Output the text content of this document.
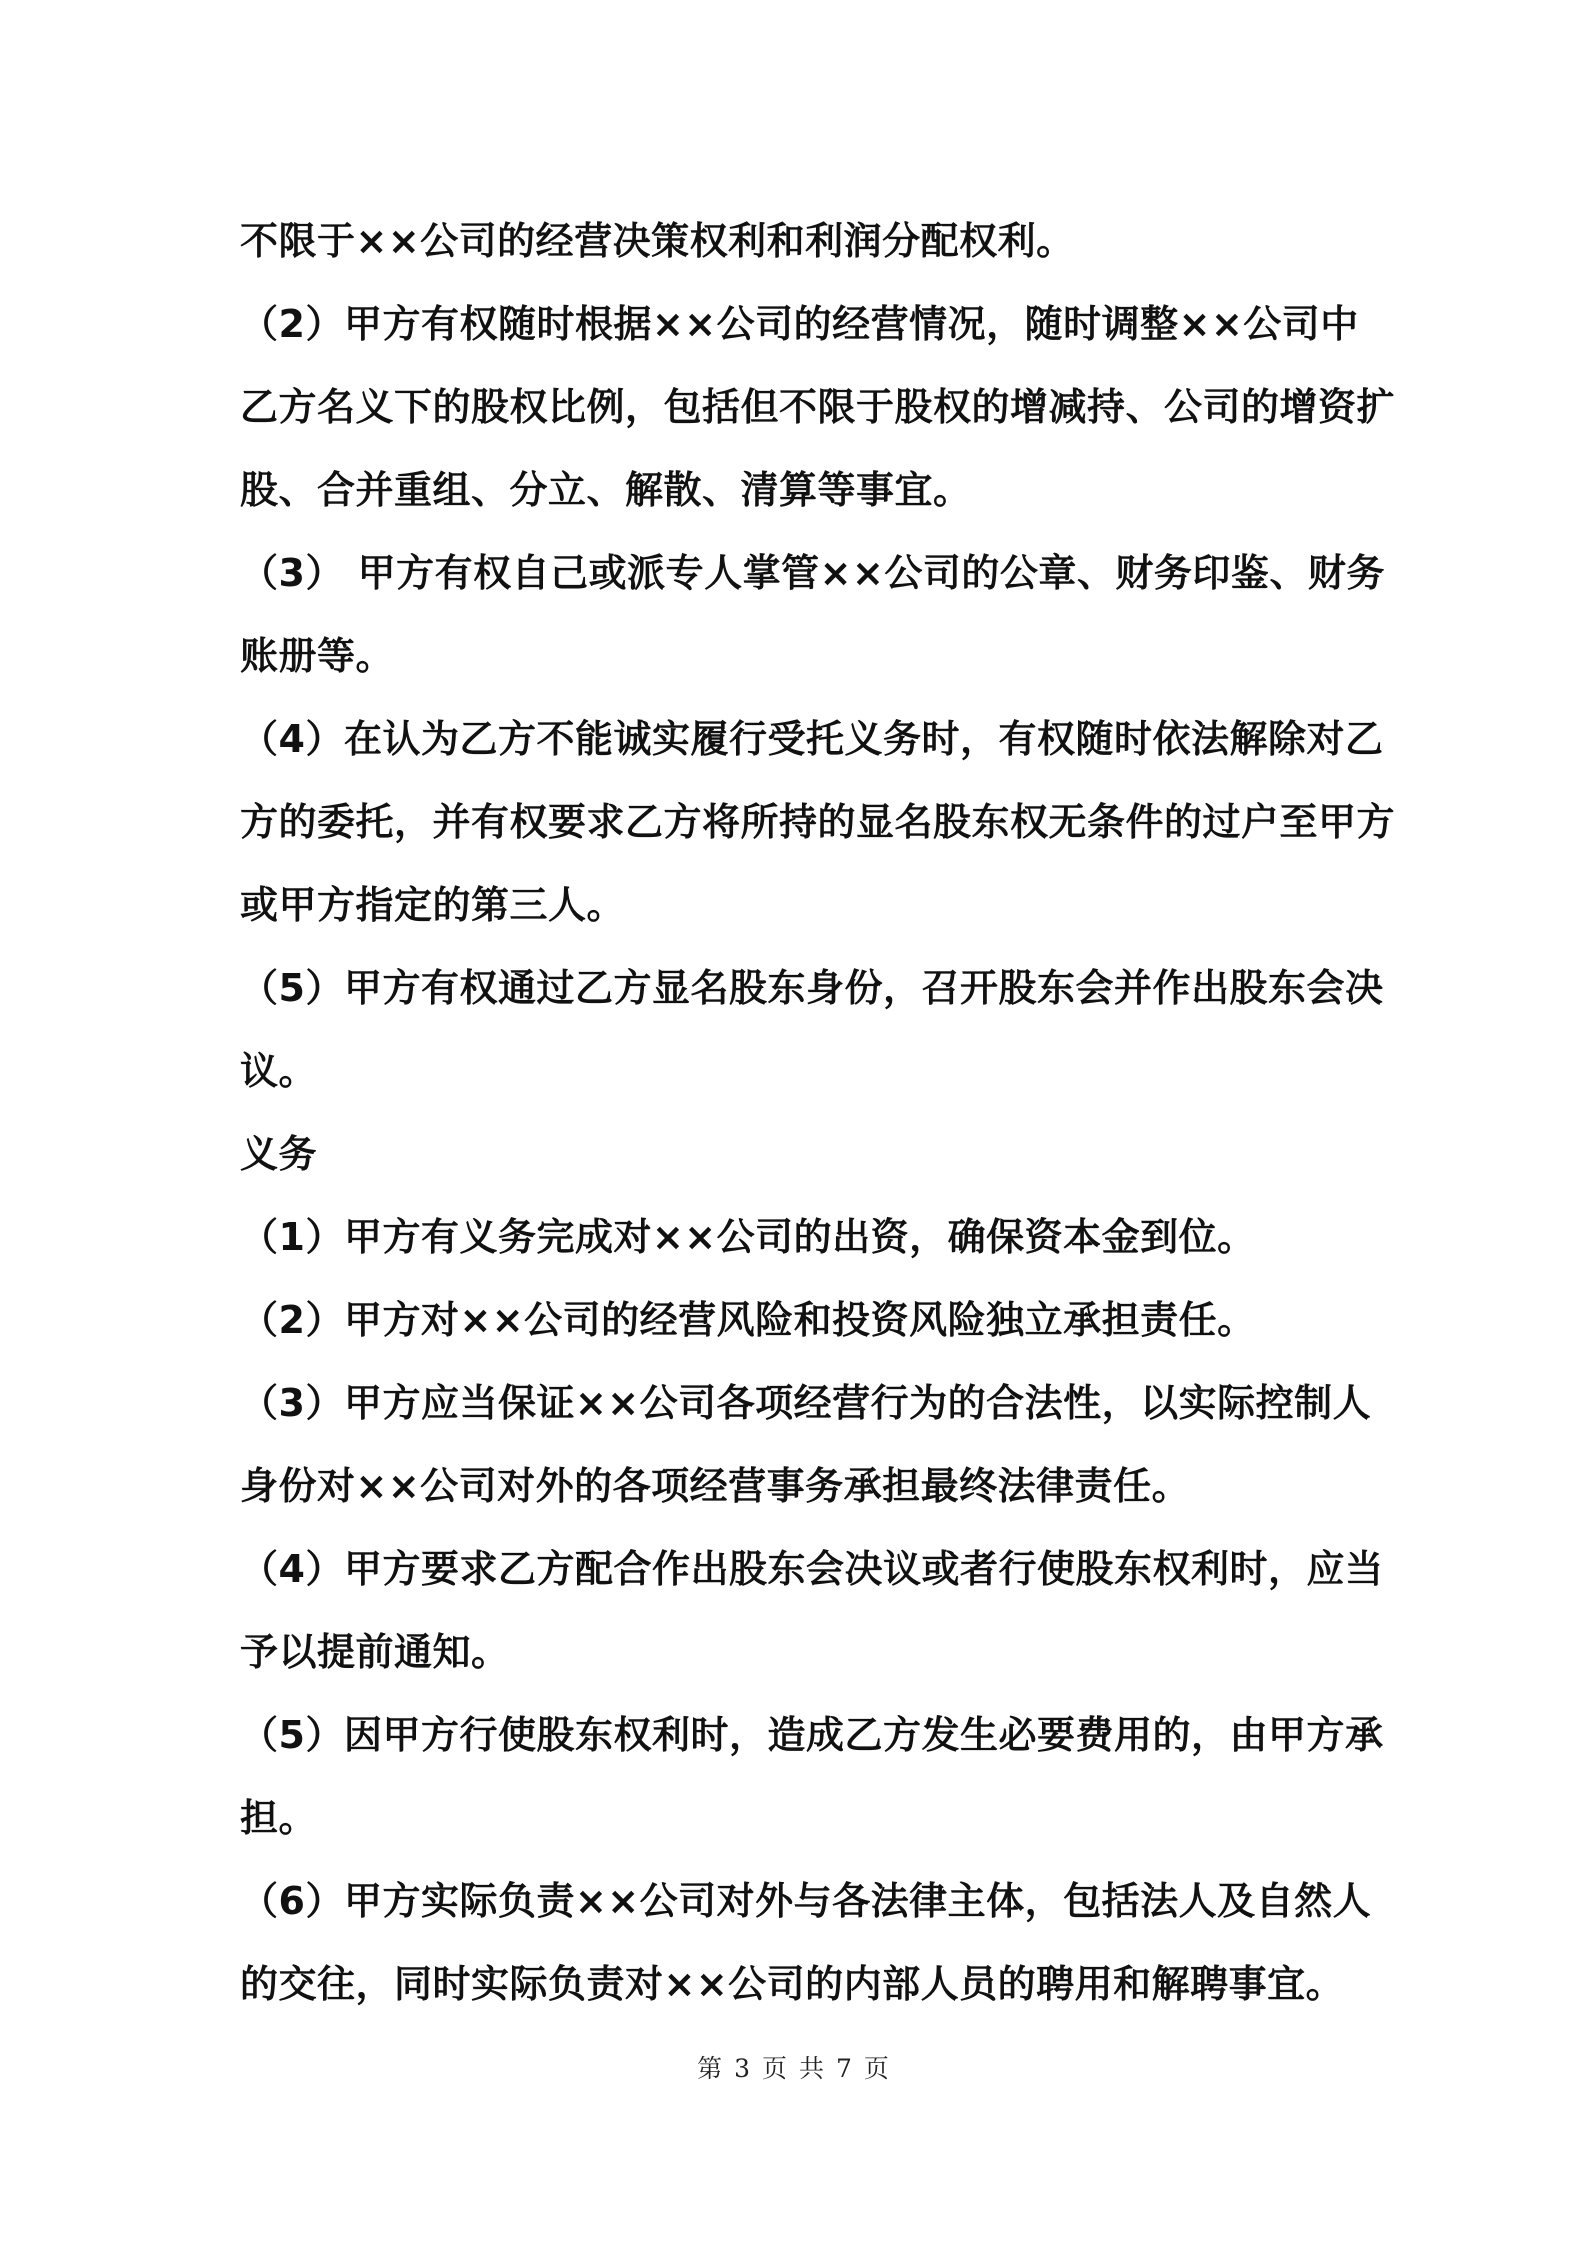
不限于××公司的经营决策权利和利润分配权利。
（2）甲方有权随时根据××公司的经营情况，随时调整××公司中
乙方名义下的股权比例，包括但不限于股权的增减持、公司的增资扩
股、合并重组、分立、解散、清算等事宜。
（3） 甲方有权自己或派专人掌管××公司的公章、财务印鉴、财务
账册等。
（4）在认为乙方不能诚实履行受托义务时，有权随时依法解除对乙
方的委托，并有权要求乙方将所持的显名股东权无条件的过户至甲方
或甲方指定的第三人。
（5）甲方有权通过乙方显名股东身份，召开股东会并作出股东会决
议。
义务
（1）甲方有义务完成对××公司的出资，确保资本金到位。
（2）甲方对××公司的经营风险和投资风险独立承担责任。
（3）甲方应当保证××公司各项经营行为的合法性，以实际控制人
身份对××公司对外的各项经营事务承担最终法律责任。
（4）甲方要求乙方配合作出股东会决议或者行使股东权利时，应当
予以提前通知。
（5）因甲方行使股东权利时，造成乙方发生必要费用的，由甲方承
担。
（6）甲方实际负责××公司对外与各法律主体，包括法人及自然人
的交往，同时实际负责对××公司的内部人员的聘用和解聘事宜。
第 3 页 共 7 页
